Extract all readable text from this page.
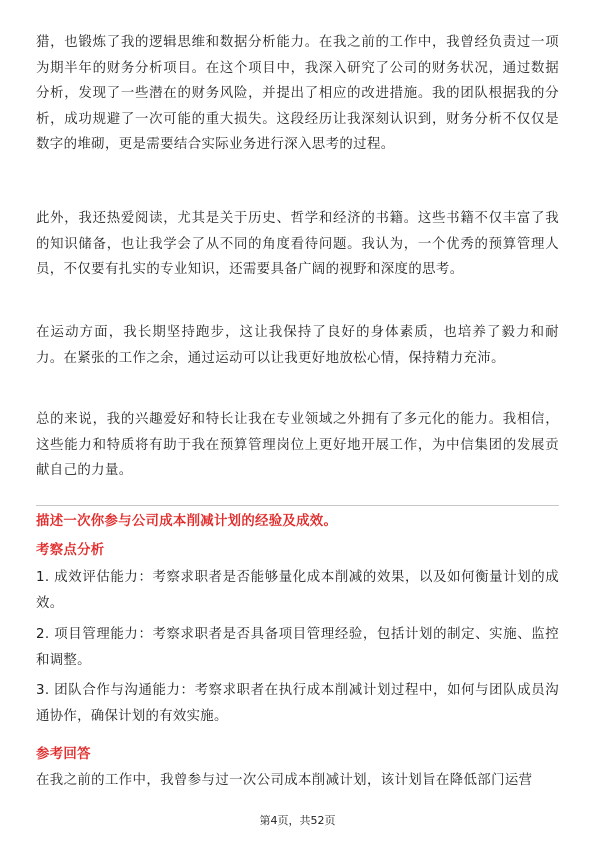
猎，也锻炼了我的逻辑思维和数据分析能力。在我之前的工作中，我曾经负责过一项为期半年的财务分析项目。在这个项目中，我深入研究了公司的财务状况，通过数据分析，发现了一些潜在的财务风险，并提出了相应的改进措施。我的团队根据我的分析，成功规避了一次可能的重大损失。这段经历让我深刻认识到，财务分析不仅仅是数字的堆砌，更是需要结合实际业务进行深入思考的过程。

此外，我还热爱阅读，尤其是关于历史、哲学和经济的书籍。这些书籍不仅丰富了我的知识储备，也让我学会了从不同的角度看待问题。我认为，一个优秀的预算管理人员，不仅要有扎实的专业知识，还需要具备广阔的视野和深度的思考。

在运动方面，我长期坚持跑步，这让我保持了良好的身体素质，也培养了毅力和耐力。在紧张的工作之余，通过运动可以让我更好地放松心情，保持精力充沛。

总的来说，我的兴趣爱好和特长让我在专业领域之外拥有了多元化的能力。我相信，这些能力和特质将有助于我在预算管理岗位上更好地开展工作，为中信集团的发展贡献自己的力量。

描述一次你参与公司成本削减计划的经验及成效。

考察点分析

1. 成效评估能力：考察求职者是否能够量化成本削减的效果，以及如何衡量计划的成效。

2. 项目管理能力：考察求职者是否具备项目管理经验，包括计划的制定、实施、监控和调整。

3. 团队合作与沟通能力：考察求职者在执行成本削减计划过程中，如何与团队成员沟通协作，确保计划的有效实施。

参考回答

在我之前的工作中，我曾参与过一次公司成本削减计划，该计划旨在降低部门运营

第4页，共52页
